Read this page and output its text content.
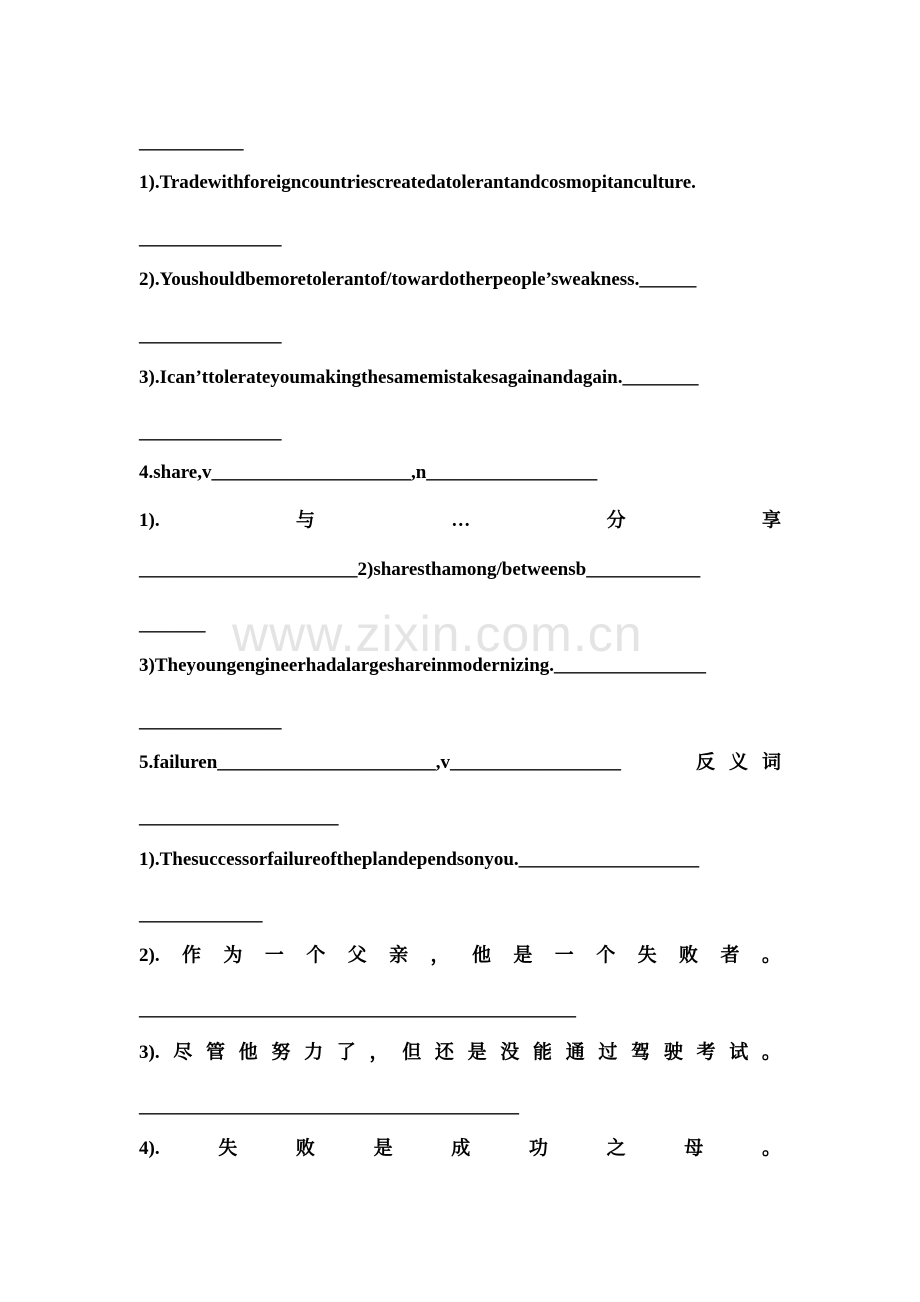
www.zixin.com.cn
___________
1).Tradewithforeigncountriescreatedatolerantandcosmopitanculture.
_______________
2).Youshouldbemoretolerantof/towardotherpeople’sweakness.______
_______________
3).Ican’ttolerateyoumakingthesamemistakesagainandagain.________
_______________
4.share,v_____________________,n__________________
1).	与	…	分	享
_______________________2)sharesthamong/betweensb____________
_______
3)Theyoungengineerhadalargeshareinmodernizing.________________
_______________
5.failuren_______________________,v__________________	反 义 词
_____________________
1).Thesuccessorfailureoftheplandependsonyou.___________________
_____________
2). 作 为 一 个 父 亲 ， 他 是 一 个 失 败 者 。
______________________________________________
3). 尽 管 他 努 力 了 ， 但 还 是 没 能 通 过 驾 驶 考 试 。
________________________________________
4).	失	败	是	成	功	之	母	。
